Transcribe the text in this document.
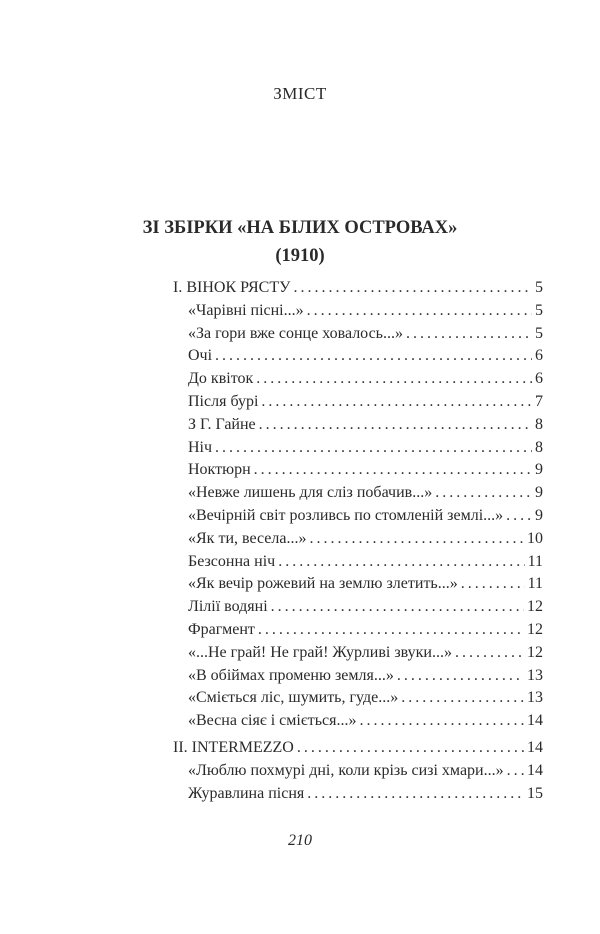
ЗМІСТ
ЗІ ЗБІРКИ «НА БІЛИХ ОСТРОВАХ»
(1910)
I. ВІНОК РЯСТУ . . .	5
«Чарівні пісні...» . . .	5
«За гори вже сонце ховалось...» . . .	5
Очі . . .	6
До квіток . . .	6
Після бурі . . .	7
З Г. Гайне . . .	8
Ніч . . .	8
Ноктюрн . . .	9
«Невже лишень для сліз побачив...» . . .	9
«Вечірній світ розливсь по стомленій землі...» . . . 9
«Як ти, весела...» . . .	10
Безсонна ніч . . .	11
«Як вечір рожевий на землю злетить...» . . .	11
Лілії водяні . . .	12
Фрагмент . . .	12
«...Не грай! Не грай! Журливі звуки...» . . .	12
«В обіймах променю земля...» . . .	13
«Сміється ліс, шумить, гуде...» . . .	13
«Весна сіяє і сміється...» . . .	14
II. INTERMEZZO . . .	14
«Люблю похмурі дні, коли крізь сизі хмари...» . . . 14
Журавлина пісня . . .	15
210
